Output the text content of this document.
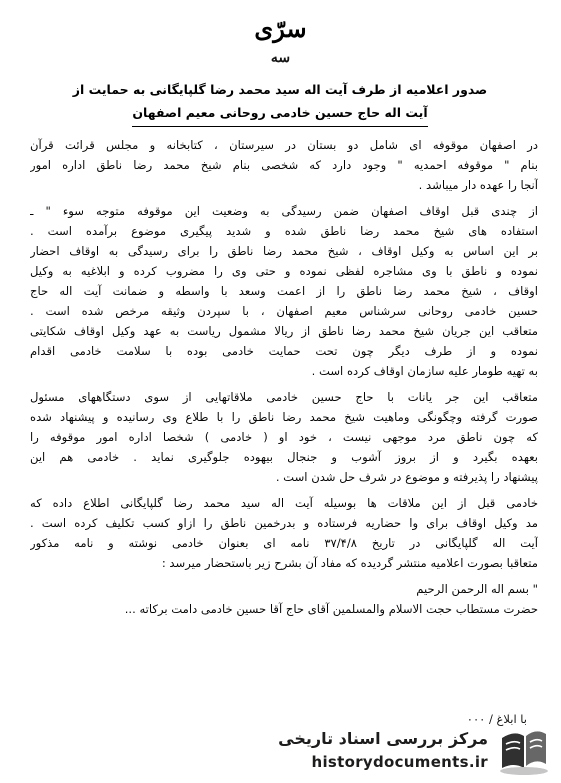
سرّی
سه
صدور اعلامیه از طرف آیت اله سید محمد رضا گلپایگانی به حمایت از
آیت اله حاج حسین خادمی روحانی معیم اصفهان
در اصفهان موقوفه ای شامل دو بستان در سیرستان ، کتابخانه و مجلس قرائت قرآن
بنام " موقوفه احمدیه " وجود دارد که شخصی بنام شیخ محمد رضا ناطق اداره امور
آنجا را عهده دار میباشد .
از چندی قبل اوقاف اصفهان ضمن رسیدگی به وضعیت این موقوفه متوجه سوء " ـ
استفاده های شیخ محمد رضا ناطق شده و شدید پیگیری موضوع برآمده است .
بر این اساس به وکیل اوقاف ، شیخ محمد رضا ناطق را برای رسیدگی به اوقاف احضار
نموده و ناطق با وی مشاجره لفظی نموده و حتی وی را مضروب کرده و ابلاغیه به وکیل
اوقاف ، شیخ محمد رضا ناطق را از اعمت وسعد با واسطه و ضمانت آیت اله حاج
حسین خادمی روحانی سرشناس معیم اصفهان ، با سپردن وثیقه مرخص شده است .
متعاقب این جریان شیخ محمد رضا ناطق از ریالا مشمول ریاست به عهد وکیل اوقاف شکایتی
نموده و از طرف دیگر چون تحت حمایت خادمی بوده با سلامت خادمی اقدام
به تهیه طومار علیه سازمان اوقاف کرده است .
متعاقب این جر یانات با حاج حسین خادمی ملاقاتهایی از سوی دستگاههای مسئول
صورت گرفته وچگونگی وماهیت شیخ محمد رضا ناطق را با طلاع وی رسانیده و پیشنهاد شده
که چون ناطق مرد موجهی نیست ، خود او ( خادمی ) شخصا اداره امور موقوفه را
بعهده بگیرد و از بروز آشوب و جنجال بیهوده جلوگیری نماید . خادمی هم این
پیشنهاد را پذیرفته و موضوع در شرف حل شدن است .
خادمی قبل از این ملاقات ها بوسیله آیت اله سید محمد رضا گلپایگانی اطلاع داده که
مد وکیل اوقاف برای وا حضاریه فرستاده و بدرخمین ناطق را ازاو کسب تکلیف کرده است .
آیت اله گلپایگانی در تاریخ ۳۷/۴/۸ نامه ای بعنوان خادمی نوشته و نامه مذکور
متعاقبا بصورت اعلامیه منتشر گردیده که مفاد آن بشرح زیر باستحضار میرسد :
" بسم اله الرحمن الرحیم
حضرت مستطاب حجت الاسلام والمسلمین آقای حاج آقا حسین خادمی دامت برکاته ...
با ابلاغ / ۰۰۰
مرکز بررسی اسناد تاریخی
historydocuments.ir
